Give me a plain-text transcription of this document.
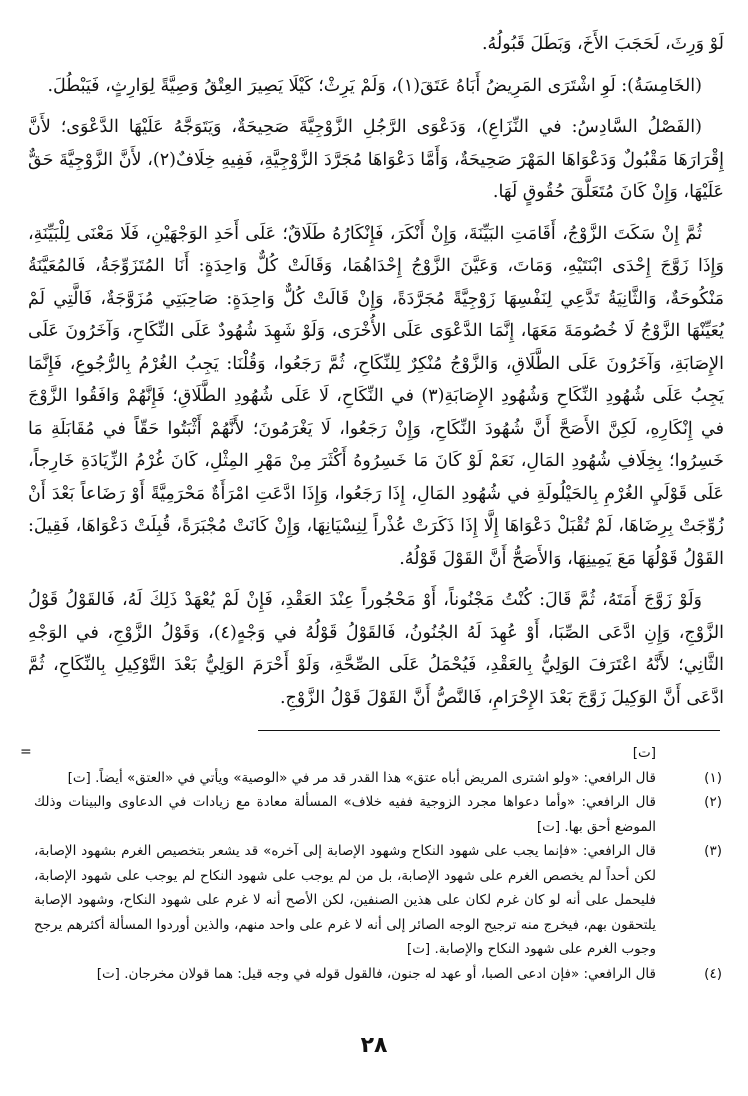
لَوْ وَرِثَ، لَحَجَبَ الأَخَ، وَبَطَلَ قَبُولُهُ.

(الخَامِسَةُ): لَوِ اشْتَرَى المَرِيضُ أَبَاهُ عَتَقَ(١)، وَلَمْ يَرِثْ؛ كَيْلَا يَصِيرَ العِتْقُ وَصِيَّةً لِوَارِثٍ، فَيَبْطُلَ.

(الفَصْلُ السَّادِسُ: في النِّزَاعِ)، وَدَعْوَى الرَّجُلِ الزَّوْجِيَّةَ صَحِيحَةٌ، وَيَتَوَجَّهُ عَلَيْهَا الدَّعْوَى؛ لأَنَّ إِقْرَارَهَا مَقْبُولٌ وَدَعْوَاهَا المَهْرَ صَحِيحَةٌ، وَأَمَّا دَعْوَاهَا مُجَرَّدَ الزَّوْجِيَّةِ، فَفِيهِ خِلَافٌ(٢)، لأَنَّ الزَّوْجِيَّةَ حَقٌّ عَلَيْهَا، وَإِنْ كَانَ مُتَعَلَّقَ حُقُوقٍ لَهَا.

ثُمَّ إِنْ سَكَتَ الزَّوْجُ، أَقَامَتِ البَيِّنَةَ، وَإِنْ أَنْكَرَ، فَإِنْكَارُهُ طَلَاقٌ؛ عَلَى أَحَدِ الوَجْهَيْنِ، فَلَا مَعْنَى لِلْبَيِّنَةِ، وَإِذَا زَوَّجَ إِحْدَى ابْنَتَيْهِ، وَمَاتَ، وَعَيَّنَ الزَّوْجُ إِحْدَاهُمَا، وَقَالَتْ كُلٌّ وَاحِدَةٍ: أَنَا المُتَزَوِّجَةُ، فَالمُعَيَّنَةُ مَنْكُوحَةٌ، وَالثَّانِيَةُ تَدَّعِي لِنَفْسِهَا زَوْجِيَّةً مُجَرَّدَةً، وَإِنْ قَالَتْ كُلٌّ وَاحِدَةٍ: صَاحِبَتِي مُزَوَّجَةٌ، فَالَّتِي لَمْ يُعَيِّنْهَا الزَّوْجُ لَا خُصُومَةَ مَعَهَا، إِنَّمَا الدَّعْوَى عَلَى الأُخْرَى، وَلَوْ شَهِدَ شُهُودٌ عَلَى النِّكَاحِ، وَآخَرُونَ عَلَى الإِصَابَةِ، وَآخَرُونَ عَلَى الطَّلَاقِ، وَالزَّوْجُ مُنْكِرٌ لِلنِّكَاحِ، ثُمَّ رَجَعُوا، وَقُلْنَا: يَجِبُ الغُرْمُ بِالرُّجُوعِ، فَإِنَّمَا يَجِبُ عَلَى شُهُودِ النِّكَاحِ وَشُهُودِ الإِصَابَةِ(٣) في النِّكَاحِ، لَا عَلَى شُهُودِ الطَّلَاقِ؛ فَإِنَّهُمْ وَافَقُوا الزَّوْجَ في إِنْكَارِهِ، لَكِنَّ الأَصَحَّ أَنَّ شُهُودَ النِّكَاحِ، وَإِنْ رَجَعُوا، لَا يَغْرَمُونَ؛ لأَنَّهُمْ أَثْبَتُوا حَقّاً في مُقَابَلَةِ مَا خَسِرُوا؛ بِخِلَافِ شُهُودِ المَالِ، نَعَمْ لَوْ كَانَ مَا خَسِرُوهُ أَكْثَرَ مِنْ مَهْرِ المِثْلِ، كَانَ غُرْمُ الزِّيَادَةِ خَارِجاً، عَلَى قَوْلَيِ الغُرْمِ بِالحَيْلُولَةِ في شُهُودِ المَالِ، إِذَا رَجَعُوا، وَإِذَا ادَّعَتِ امْرَأَةٌ مَحْرَمِيَّةً أَوْ رَضَاعاً بَعْدَ أَنْ زُوِّجَتْ بِرِضَاهَا، لَمْ تُقْبَلْ دَعْوَاهَا إِلَّا إِذَا ذَكَرَتْ عُذْراً لِنِسْيَانِهَا، وَإِنْ كَانَتْ مُجْبَرَةً، قُبِلَتْ دَعْوَاهَا، فَقِيلَ: القَوْلُ قَوْلُهَا مَعَ يَمِينِهَا، وَالأَصَحُّ أَنَّ القَوْلَ قَوْلُهُ.

وَلَوْ زَوَّجَ أَمَتَهُ، ثُمَّ قَالَ: كُنْتُ مَجْنُوناً، أَوْ مَحْجُوراً عِنْدَ العَقْدِ، فَإِنْ لَمْ يُعْهَدْ ذَلِكَ لَهُ، فَالقَوْلُ قَوْلُ الزَّوْجِ، وَإِنِ ادَّعَى الصِّبَا، أَوْ عُهِدَ لَهُ الجُنُونُ، فَالقَوْلُ قَوْلُهُ في وَجْهٍ(٤)، وَقَوْلُ الزَّوْجِ، في الوَجْهِ الثَّانِي؛ لأَنَّهُ اعْتَرَفَ الوَلِيُّ بِالعَقْدِ، فَيُحْمَلُ عَلَى الصِّحَّةِ، وَلَوْ أَحْرَمَ الوَلِيُّ بَعْدَ التَّوْكِيلِ بِالنِّكَاحِ، ثُمَّ ادَّعَى أَنَّ الوَكِيلَ زَوَّجَ بَعْدَ الإِحْرَامِ، فَالنَّصُّ أَنَّ القَوْلَ قَوْلُ الزَّوْجِ.

=	[ت]
(١)
قال الرافعي: «ولو اشترى المريض أباه عتق» هذا القدر قد مر في «الوصية» ويأتي في «العتق» أيضاً. [ت]
(٢)
قال الرافعي: «وأما دعواها مجرد الزوجية ففيه خلاف» المسألة معادة مع زيادات في الدعاوى والبينات وذلك الموضع أحق بها. [ت]
(٣)
قال الرافعي: «فإنما يجب على شهود النكاح وشهود الإصابة إلى آخره» قد يشعر بتخصيص الغرم بشهود الإصابة، لكن أحداً لم يخصص الغرم على شهود الإصابة، بل من لم يوجب على شهود النكاح لم يوجب على شهود الإصابة، فليحمل على أنه لو كان غرم لكان على هذين الصنفين، لكن الأصح أنه لا غرم على شهود النكاح، وشهود الإصابة يلتحقون بهم، فيخرج منه ترجيح الوجه الصائر إلى أنه لا غرم على واحد منهم، والذين أوردوا المسألة أكثرهم يرجح وجوب الغرم على شهود النكاح والإصابة. [ت]
(٤)
قال الرافعي: «فإن ادعى الصبا، أو عهد له جنون، فالقول قوله في وجه قيل: هما قولان مخرجان. [ت]
٢٨
